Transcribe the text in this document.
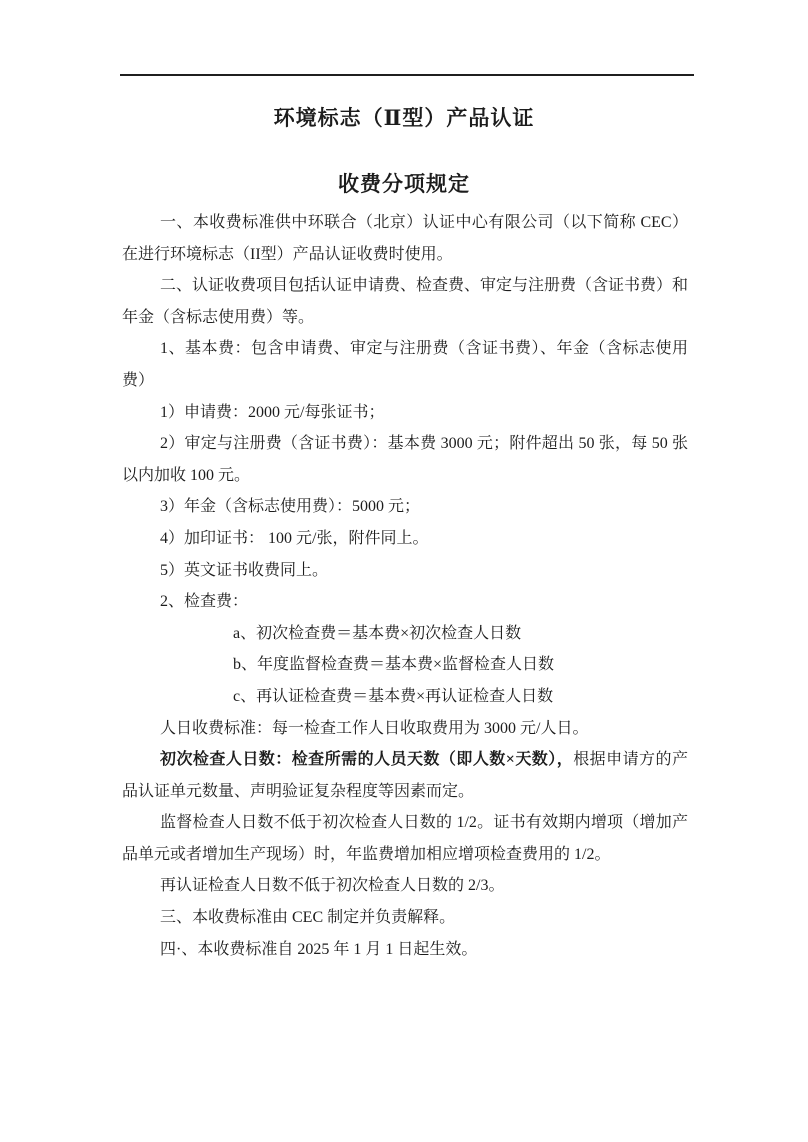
环境标志（Ⅱ型）产品认证
收费分项规定

一、本收费标准供中环联合（北京）认证中心有限公司（以下简称 CEC）在进行环境标志（II型）产品认证收费时使用。

二、认证收费项目包括认证申请费、检查费、审定与注册费（含证书费）和年金（含标志使用费）等。

1、基本费：包含申请费、审定与注册费（含证书费）、年金（含标志使用费）

1）申请费：2000 元/每张证书；

2）审定与注册费（含证书费）：基本费 3000 元；附件超出 50 张，每 50 张以内加收 100 元。

3）年金（含标志使用费）：5000 元；

4）加印证书： 100 元/张，附件同上。

5）英文证书收费同上。

2、检查费：

a、初次检查费＝基本费×初次检查人日数

b、年度监督检查费＝基本费×监督检查人日数

c、再认证检查费＝基本费×再认证检查人日数

人日收费标准：每一检查工作人日收取费用为 3000 元/人日。

初次检查人日数：检查所需的人员天数（即人数×天数），根据申请方的产品认证单元数量、声明验证复杂程度等因素而定。

监督检查人日数不低于初次检查人日数的 1/2。证书有效期内增项（增加产品单元或者增加生产现场）时，年监费增加相应增项检查费用的 1/2。

再认证检查人日数不低于初次检查人日数的 2/3。

三、本收费标准由 CEC 制定并负责解释。

四·、本收费标准自 2025 年 1 月 1 日起生效。
